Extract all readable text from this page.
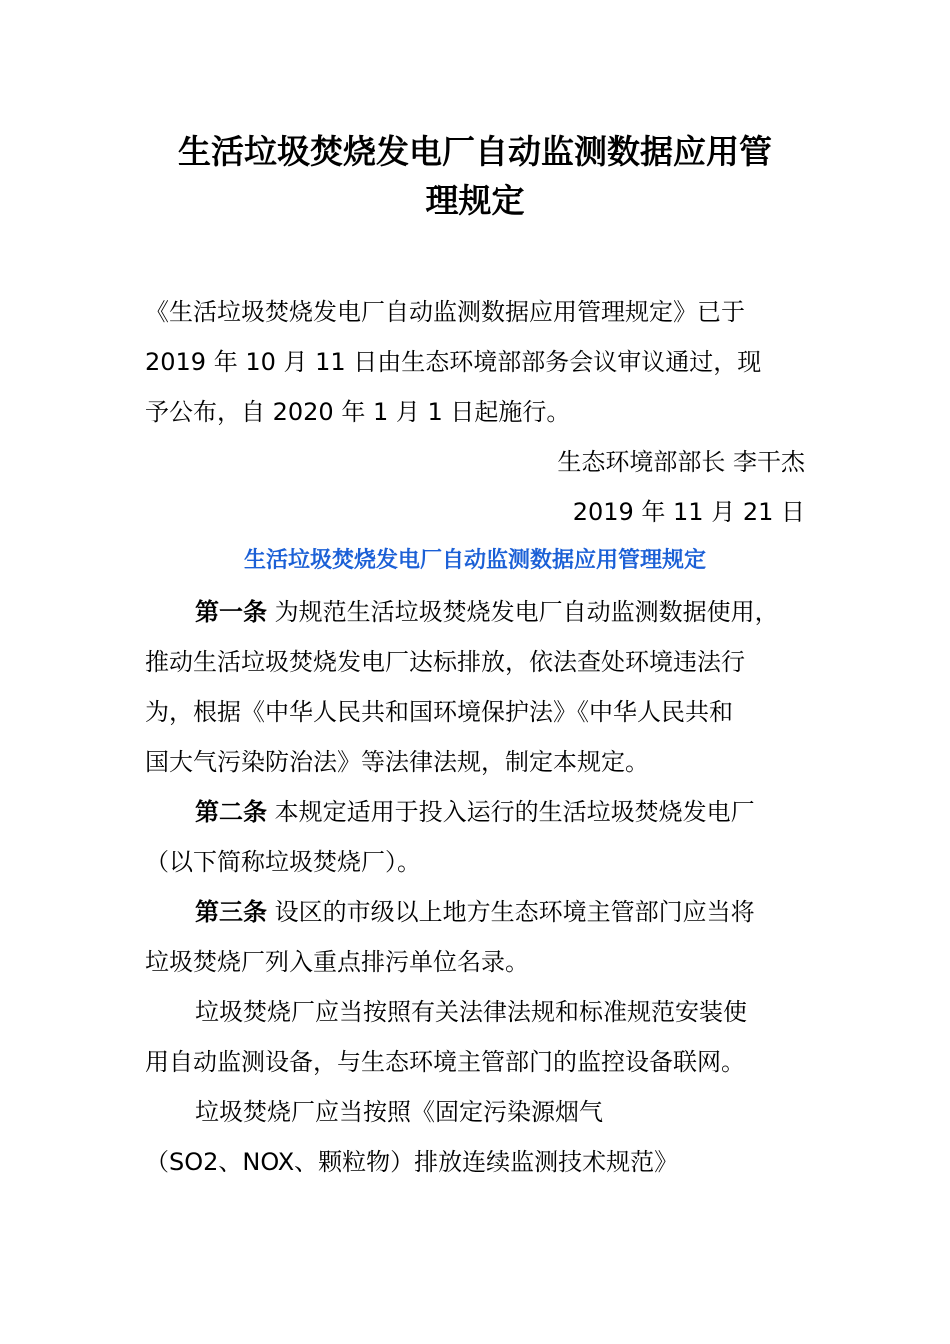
生活垃圾焚烧发电厂自动监测数据应用管
理规定

《生活垃圾焚烧发电厂自动监测数据应用管理规定》已于

2019 年 10 月 11 日由生态环境部部务会议审议通过，现

予公布，自 2020 年 1 月 1 日起施行。

生态环境部部长 李干杰

2019 年 11 月 21 日

生活垃圾焚烧发电厂自动监测数据应用管理规定

第一条 为规范生活垃圾焚烧发电厂自动监测数据使用，

推动生活垃圾焚烧发电厂达标排放，依法查处环境违法行

为，根据《中华人民共和国环境保护法》《中华人民共和

国大气污染防治法》等法律法规，制定本规定。

第二条 本规定适用于投入运行的生活垃圾焚烧发电厂

（以下简称垃圾焚烧厂）。

第三条 设区的市级以上地方生态环境主管部门应当将

垃圾焚烧厂列入重点排污单位名录。

垃圾焚烧厂应当按照有关法律法规和标准规范安装使

用自动监测设备，与生态环境主管部门的监控设备联网。

垃圾焚烧厂应当按照《固定污染源烟气

（SO2、NOX、颗粒物）排放连续监测技术规范》
